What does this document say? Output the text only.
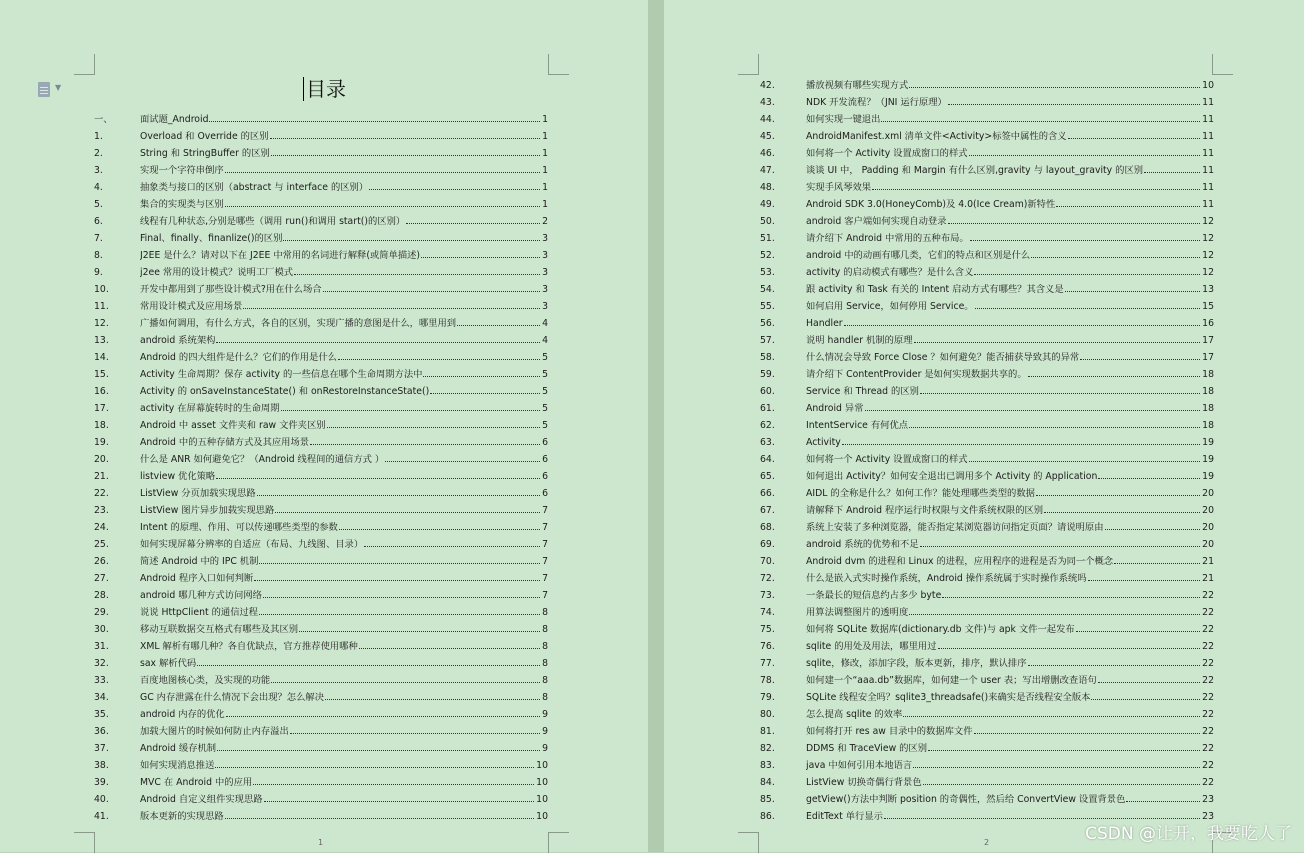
▼	目录
一、	面试题_Android	1
1.	Overload 和 Override 的区别	1
2.	String 和 StringBuffer 的区别	1
3.	实现一个字符串倒序	1
4.	抽象类与接口的区别（abstract 与 interface 的区别）	1
5.	集合的实现类与区别	1
6.	线程有几种状态,分别是哪些（调用 run()和调用 start()的区别）	2
7.	Final、finally、finanlize()的区别	3
8.	J2EE 是什么？请对以下在 J2EE 中常用的名词进行解释(或简单描述)	3
9.	j2ee 常用的设计模式？说明工厂模式	3
10.	开发中都用到了那些设计模式?用在什么场合	3
11.	常用设计模式及应用场景	3
12.	广播如何调用，有什么方式，各自的区别，实现广播的意图是什么，哪里用到	4
13.	android 系统架构	4
14.	Android 的四大组件是什么？它们的作用是什么	5
15.	Activity 生命周期？保存 activity 的一些信息在哪个生命周期方法中	5
16.	Activity 的 onSaveInstanceState() 和 onRestoreInstanceState()	5
17.	activity 在屏幕旋转时的生命周期	5
18.	Android 中 asset 文件夹和 raw 文件夹区别	5
19.	Android 中的五种存储方式及其应用场景	6
20.	什么是 ANR 如何避免它？（Android 线程间的通信方式 ）	6
21.	listview 优化策略	6
22.	ListView 分页加载实现思路	6
23.	ListView 图片异步加载实现思路	7
24.	Intent 的原理、作用、可以传递哪些类型的参数	7
25.	如何实现屏幕分辨率的自适应（布局、九线图、目录）	7
26.	简述 Android 中的 IPC 机制	7
27.	Android 程序入口如何判断	7
28.	android 哪几种方式访问网络	7
29.	说说 HttpClient 的通信过程	8
30.	移动互联数据交互格式有哪些及其区别	8
31.	XML 解析有哪几种？各自优缺点，官方推荐使用哪种	8
32.	sax 解析代码	8
33.	百度地图核心类，及实现的功能	8
34.	GC 内存泄露在什么情况下会出现？怎么解决	8
35.	android 内存的优化	9
36.	加载大图片的时候如何防止内存溢出	9
37.	Android 缓存机制	9
38.	如何实现消息推送	10
39.	MVC 在 Android 中的应用	10
40.	Android 自定义组件实现思路	10
41.	版本更新的实现思路	10
1	2
42.	播放视频有哪些实现方式	10
43.	NDK 开发流程？（JNI 运行原理）	11
44.	如何实现一键退出	11
45.	AndroidManifest.xml 清单文件<Activity>标签中属性的含义	11
46.	如何将一个 Activity 设置成窗口的样式	11
47.	谈谈 UI 中， Padding 和 Margin 有什么区别,gravity 与 layout_gravity 的区别	11
48.	实现手风琴效果	11
49.	Android SDK 3.0(HoneyComb)及 4.0(Ice Cream)新特性	11
50.	android 客户端如何实现自动登录	12
51.	请介绍下 Android 中常用的五种布局。	12
52.	android 中的动画有哪几类，它们的特点和区别是什么	12
53.	activity 的启动模式有哪些？是什么含义	12
54.	跟 activity 和 Task 有关的 Intent 启动方式有哪些？其含义是	13
55.	如何启用 Service，如何停用 Service。	15
56.	Handler	16
57.	说明 handler 机制的原理	17
58.	什么情况会导致 Force Close ？如何避免？能否捕获导致其的异常	17
59.	请介绍下 ContentProvider 是如何实现数据共享的。	18
60.	Service 和 Thread 的区别	18
61.	Android 异常	18
62.	IntentService 有何优点	18
63.	Activity	19
64.	如何将一个 Activity 设置成窗口的样式	19
65.	如何退出 Activity？如何安全退出已调用多个 Activity 的 Application	19
66.	AIDL 的全称是什么？如何工作？能处理哪些类型的数据	20
67.	请解释下 Android 程序运行时权限与文件系统权限的区别	20
68.	系统上安装了多种浏览器，能否指定某浏览器访问指定页面？请说明原由	20
69.	android 系统的优势和不足	20
70.	Android dvm 的进程和 Linux 的进程，应用程序的进程是否为同一个概念	21
72.	什么是嵌入式实时操作系统，Android 操作系统属于实时操作系统吗	21
73.	一条最长的短信息约占多少 byte	22
74.	用算法调整图片的透明度	22
75.	如何将 SQLite 数据库(dictionary.db 文件)与 apk 文件一起发布	22
76.	sqlite 的用处及用法，哪里用过	22
77.	sqlite，修改，添加字段，版本更新，排序，默认排序	22
78.	如何建一个“aaa.db”数据库，如何建一个 user 表；写出增删改查语句	22
79.	SQLite 线程安全吗？sqlite3_threadsafe()来确实是否线程安全版本	22
80.	怎么提高 sqlite 的效率	22
81.	如何将打开 res aw 目录中的数据库文件	22
82.	DDMS 和 TraceView 的区别	22
83.	java 中如何引用本地语言	22
84.	ListView 切换奇偶行背景色	22
85.	getView()方法中判断 position 的奇偶性，然后给 ConvertView 设置背景色	23
86.	EditText 单行显示	23
CSDN @让开，我要吃人了
